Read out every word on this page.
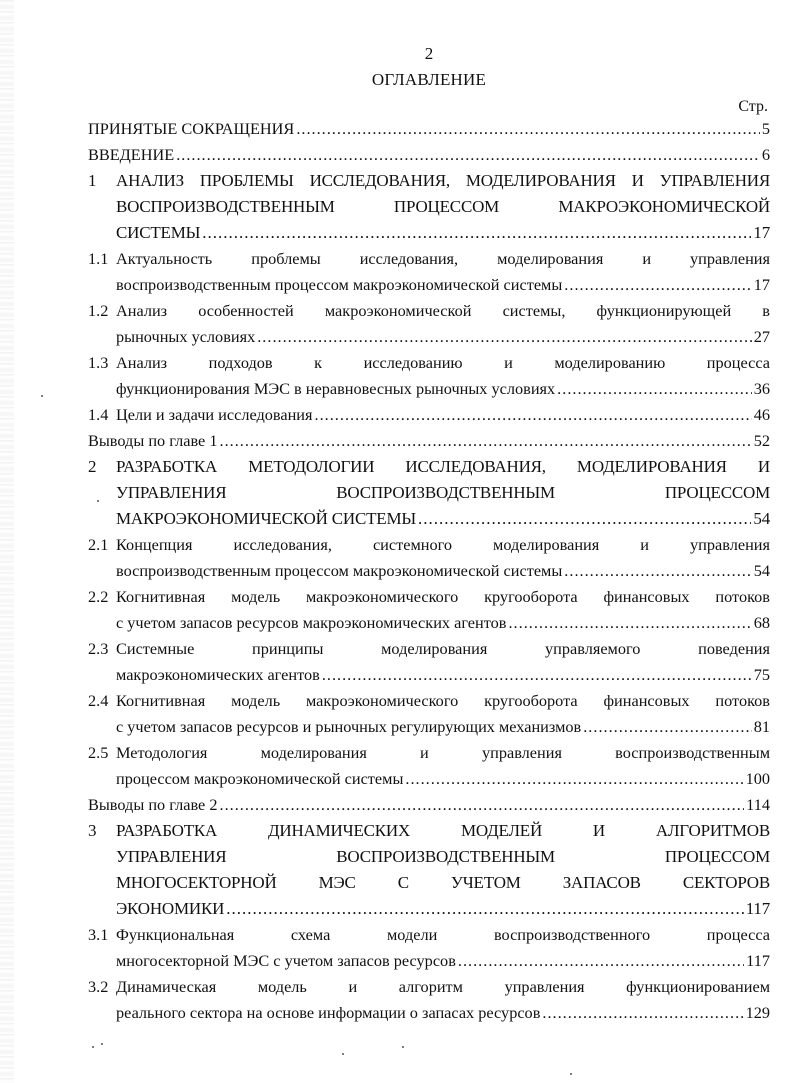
2
ОГЛАВЛЕНИЕ
Стр.
ПРИНЯТЫЕ СОКРАЩЕНИЯ .....	5
ВВЕДЕНИЕ .....	6
1	АНАЛИЗ ПРОБЛЕМЫ ИССЛЕДОВАНИЯ, МОДЕЛИРОВАНИЯ И УПРАВЛЕНИЯ
ВОСПРОИЗВОДСТВЕННЫМ ПРОЦЕССОМ МАКРОЭКОНОМИЧЕСКОЙ
СИСТЕМЫ .....	17
1.1 Актуальность проблемы исследования, моделирования и управления
воспроизводственным процессом макроэкономической системы .....	17
1.2 Анализ особенностей макроэкономической системы, функционирующей в
рыночных условиях .....	27
1.3 Анализ подходов к исследованию и моделированию процесса
функционирования МЭС в неравновесных рыночных условиях .....	36
1.4 Цели и задачи исследования .....	46
Выводы по главе 1 .....	52
2	РАЗРАБОТКА МЕТОДОЛОГИИ ИССЛЕДОВАНИЯ, МОДЕЛИРОВАНИЯ И
УПРАВЛЕНИЯ ВОСПРОИЗВОДСТВЕННЫМ ПРОЦЕССОМ
МАКРОЭКОНОМИЧЕСКОЙ СИСТЕМЫ .....	54
2.1 Концепция исследования, системного моделирования и управления
воспроизводственным процессом макроэкономической системы .....	54
2.2 Когнитивная модель макроэкономического кругооборота финансовых потоков
с учетом запасов ресурсов макроэкономических агентов .....	68
2.3 Системные принципы моделирования управляемого поведения
макроэкономических агентов .....	75
2.4 Когнитивная модель макроэкономического кругооборота финансовых потоков
с учетом запасов ресурсов и рыночных регулирующих механизмов .....	81
2.5 Методология моделирования и управления воспроизводственным
процессом макроэкономической системы .....	100
Выводы по главе 2 .....	114
3	РАЗРАБОТКА ДИНАМИЧЕСКИХ МОДЕЛЕЙ И АЛГОРИТМОВ
УПРАВЛЕНИЯ ВОСПРОИЗВОДСТВЕННЫМ ПРОЦЕССОМ
МНОГОСЕКТОРНОЙ МЭС С УЧЕТОМ ЗАПАСОВ СЕКТОРОВ
ЭКОНОМИКИ .....	117
3.1 Функциональная схема модели воспроизводственного процесса
многосекторной МЭС с учетом запасов ресурсов .....	117
3.2 Динамическая модель и алгоритм управления функционированием
реального сектора на основе информации о запасах ресурсов .....	129
